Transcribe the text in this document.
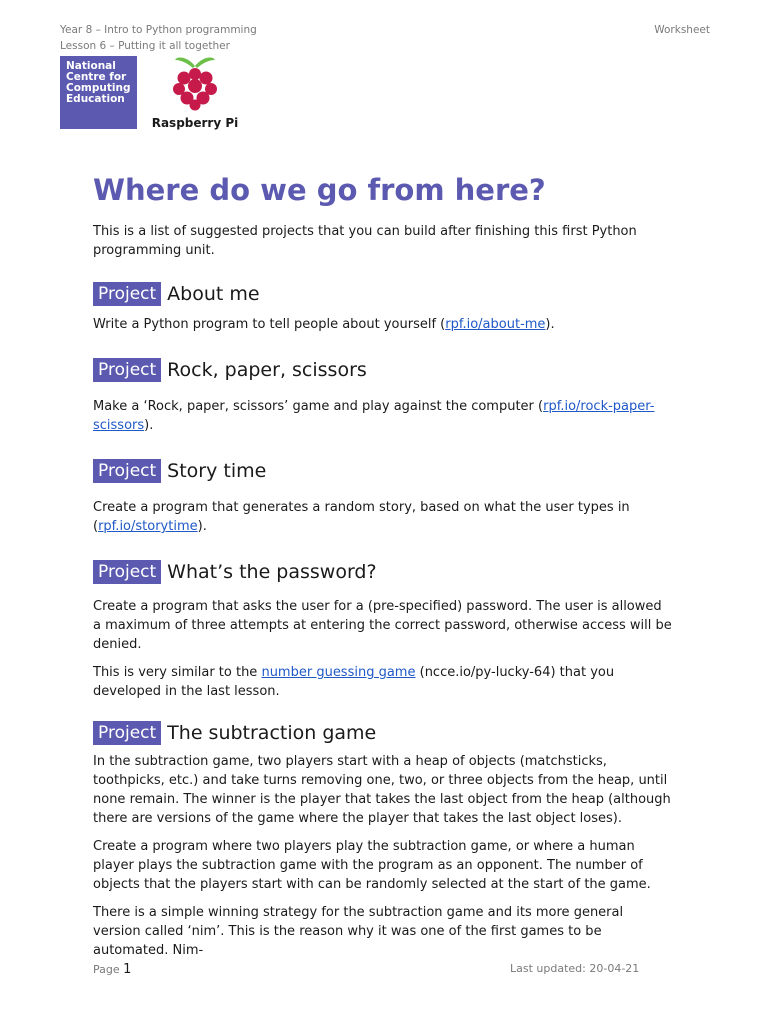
Year 8 – Intro to Python programming
Lesson 6 – Putting it all together
Worksheet
National
Centre for
Computing
Education
Raspberry Pi
Where do we go from here?

This is a list of suggested projects that you can build after finishing this first Python programming unit.

Project About me

Write a Python program to tell people about yourself (rpf.io/about-me).

Project Rock, paper, scissors

Make a ‘Rock, paper, scissors’ game and play against the computer (rpf.io/rock-paper-scissors).

Project Story time

Create a program that generates a random story, based on what the user types in (rpf.io/storytime).

Project What’s the password?

Create a program that asks the user for a (pre-specified) password. The user is allowed a maximum of three attempts at entering the correct password, otherwise access will be denied.

This is very similar to the number guessing game (ncce.io/py-lucky-64) that you developed in the last lesson.

Project The subtraction game

In the subtraction game, two players start with a heap of objects (matchsticks, toothpicks, etc.) and take turns removing one, two, or three objects from the heap, until none remain. The winner is the player that takes the last object from the heap (although there are versions of the game where the player that takes the last object loses).

Create a program where two players play the subtraction game, or where a human player plays the subtraction game with the program as an opponent. The number of objects that the players start with can be randomly selected at the start of the game.

There is a simple winning strategy for the subtraction game and its more general version called ‘nim’. This is the reason why it was one of the first games to be automated. Nim-

Page 1	Last updated: 20-04-21
